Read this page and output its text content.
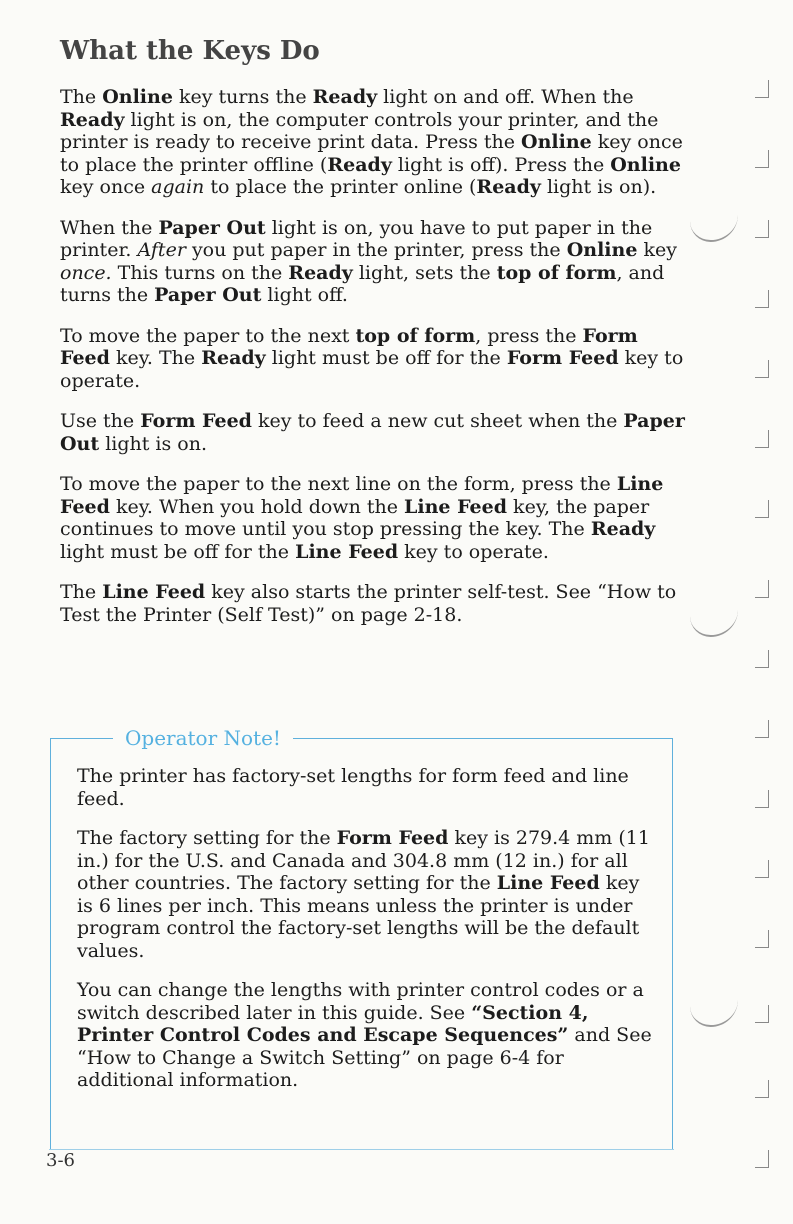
What the Keys Do

The Online key turns the Ready light on and off. When the Ready light is on, the computer controls your printer, and the printer is ready to receive print data. Press the Online key once to place the printer offline (Ready light is off). Press the Online key once again to place the printer online (Ready light is on).

When the Paper Out light is on, you have to put paper in the printer. After you put paper in the printer, press the Online key once. This turns on the Ready light, sets the top of form, and turns the Paper Out light off.

To move the paper to the next top of form, press the Form Feed key. The Ready light must be off for the Form Feed key to operate.

Use the Form Feed key to feed a new cut sheet when the Paper Out light is on.

To move the paper to the next line on the form, press the Line Feed key. When you hold down the Line Feed key, the paper continues to move until you stop pressing the key. The Ready light must be off for the Line Feed key to operate.

The Line Feed key also starts the printer self-test. See “How to Test the Printer (Self Test)” on page 2-18.

Operator Note!

The printer has factory-set lengths for form feed and line feed.

The factory setting for the Form Feed key is 279.4 mm (11 in.) for the U.S. and Canada and 304.8 mm (12 in.) for all other countries. The factory setting for the Line Feed key is 6 lines per inch. This means unless the printer is under program control the factory-set lengths will be the default values.

You can change the lengths with printer control codes or a switch described later in this guide. See “Section 4, Printer Control Codes and Escape Sequences” and See “How to Change a Switch Setting” on page 6-4 for additional information.

3-6
